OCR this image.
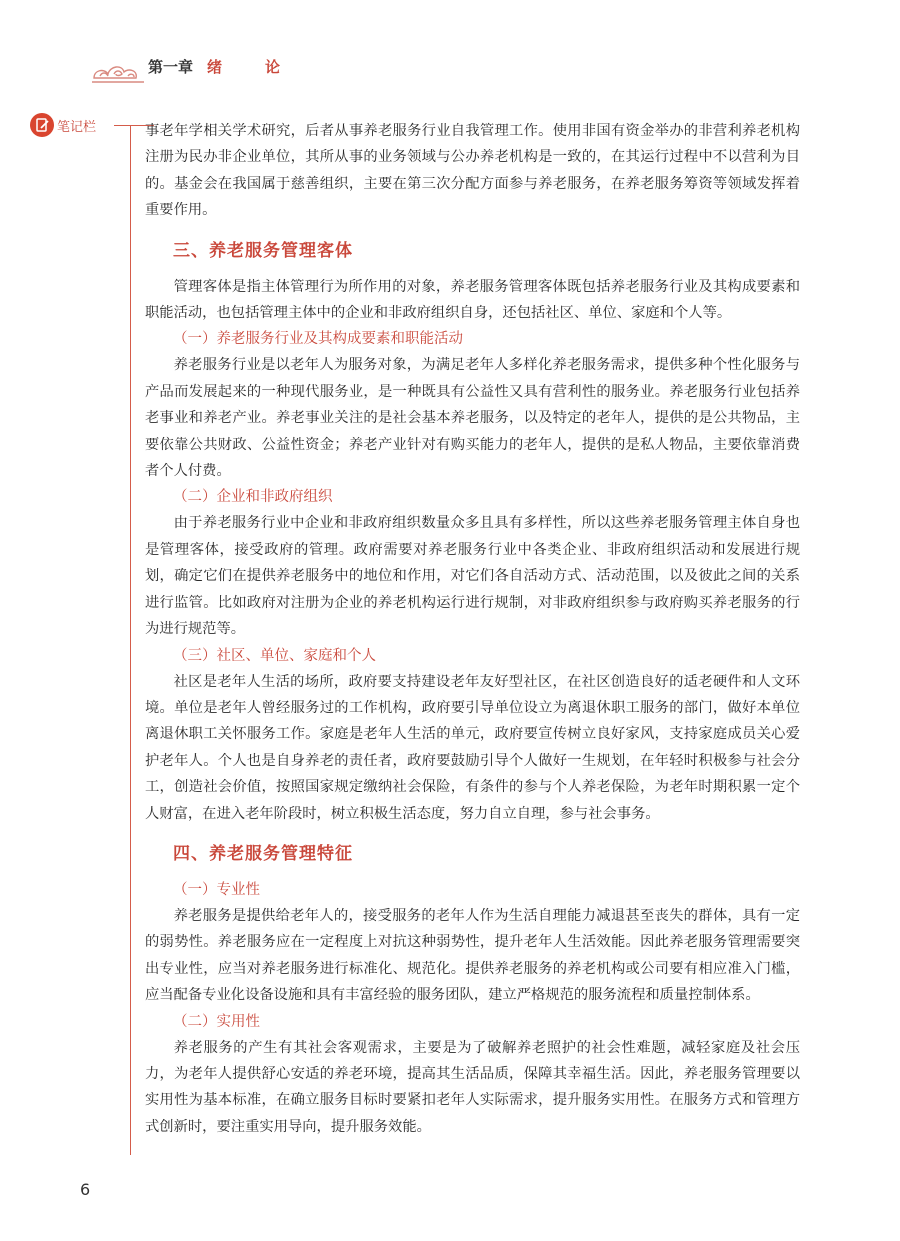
第一章 绪　论
笔记栏	事老年学相关学术研究，后者从事养老服务行业自我管理工作。使用非国有资金举办的非营利养老机构注册为民办非企业单位，其所从事的业务领域与公办养老机构是一致的，在其运行过程中不以营利为目的。基金会在我国属于慈善组织，主要在第三次分配方面参与养老服务，在养老服务筹资等领域发挥着重要作用。

三、养老服务管理客体

管理客体是指主体管理行为所作用的对象，养老服务管理客体既包括养老服务行业及其构成要素和职能活动，也包括管理主体中的企业和非政府组织自身，还包括社区、单位、家庭和个人等。

（一）养老服务行业及其构成要素和职能活动

养老服务行业是以老年人为服务对象，为满足老年人多样化养老服务需求，提供多种个性化服务与产品而发展起来的一种现代服务业，是一种既具有公益性又具有营利性的服务业。养老服务行业包括养老事业和养老产业。养老事业关注的是社会基本养老服务，以及特定的老年人，提供的是公共物品，主要依靠公共财政、公益性资金；养老产业针对有购买能力的老年人，提供的是私人物品，主要依靠消费者个人付费。

（二）企业和非政府组织

由于养老服务行业中企业和非政府组织数量众多且具有多样性，所以这些养老服务管理主体自身也是管理客体，接受政府的管理。政府需要对养老服务行业中各类企业、非政府组织活动和发展进行规划，确定它们在提供养老服务中的地位和作用，对它们各自活动方式、活动范围，以及彼此之间的关系进行监管。比如政府对注册为企业的养老机构运行进行规制，对非政府组织参与政府购买养老服务的行为进行规范等。

（三）社区、单位、家庭和个人

社区是老年人生活的场所，政府要支持建设老年友好型社区，在社区创造良好的适老硬件和人文环境。单位是老年人曾经服务过的工作机构，政府要引导单位设立为离退休职工服务的部门，做好本单位离退休职工关怀服务工作。家庭是老年人生活的单元，政府要宣传树立良好家风，支持家庭成员关心爱护老年人。个人也是自身养老的责任者，政府要鼓励引导个人做好一生规划，在年轻时积极参与社会分工，创造社会价值，按照国家规定缴纳社会保险，有条件的参与个人养老保险，为老年时期积累一定个人财富，在进入老年阶段时，树立积极生活态度，努力自立自理，参与社会事务。

四、养老服务管理特征
（一）专业性

养老服务是提供给老年人的，接受服务的老年人作为生活自理能力减退甚至丧失的群体，具有一定的弱势性。养老服务应在一定程度上对抗这种弱势性，提升老年人生活效能。因此养老服务管理需要突出专业性，应当对养老服务进行标准化、规范化。提供养老服务的养老机构或公司要有相应准入门槛，应当配备专业化设备设施和具有丰富经验的服务团队，建立严格规范的服务流程和质量控制体系。

（二）实用性

养老服务的产生有其社会客观需求，主要是为了破解养老照护的社会性难题，减轻家庭及社会压力，为老年人提供舒心安适的养老环境，提高其生活品质，保障其幸福生活。因此，养老服务管理要以实用性为基本标准，在确立服务目标时要紧扣老年人实际需求，提升服务实用性。在服务方式和管理方式创新时，要注重实用导向，提升服务效能。

6
